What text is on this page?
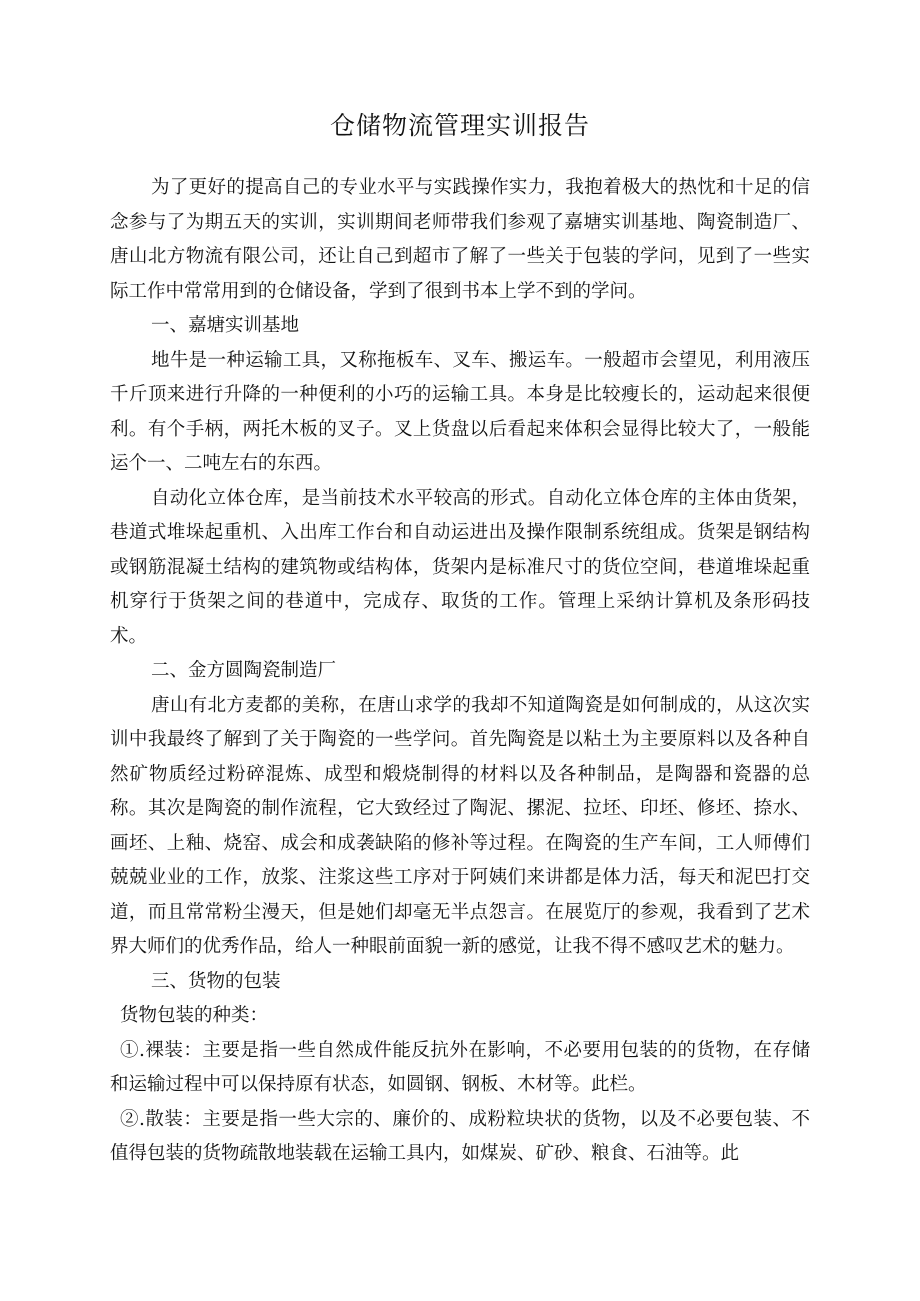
仓储物流管理实训报告

为了更好的提高自己的专业水平与实践操作实力，我抱着极大的热忱和十足的信念参与了为期五天的实训，实训期间老师带我们参观了嘉塘实训基地、陶瓷制造厂、唐山北方物流有限公司，还让自己到超市了解了一些关于包装的学问，见到了一些实际工作中常常用到的仓储设备，学到了很到书本上学不到的学问。

一、嘉塘实训基地

地牛是一种运输工具，又称拖板车、叉车、搬运车。一般超市会望见，利用液压千斤顶来进行升降的一种便利的小巧的运输工具。本身是比较瘦长的，运动起来很便利。有个手柄，两托木板的叉子。叉上货盘以后看起来体积会显得比较大了，一般能运个一、二吨左右的东西。

自动化立体仓库，是当前技术水平较高的形式。自动化立体仓库的主体由货架，巷道式堆垛起重机、入出库工作台和自动运进出及操作限制系统组成。货架是钢结构或钢筋混凝土结构的建筑物或结构体，货架内是标准尺寸的货位空间，巷道堆垛起重机穿行于货架之间的巷道中，完成存、取货的工作。管理上采纳计算机及条形码技术。

二、金方圆陶瓷制造厂

唐山有北方麦都的美称，在唐山求学的我却不知道陶瓷是如何制成的，从这次实训中我最终了解到了关于陶瓷的一些学问。首先陶瓷是以粘土为主要原料以及各种自然矿物质经过粉碎混炼、成型和煅烧制得的材料以及各种制品，是陶器和瓷器的总称。其次是陶瓷的制作流程，它大致经过了陶泥、摞泥、拉坯、印坯、修坯、捺水、画坯、上釉、烧窑、成会和成袭缺陷的修补等过程。在陶瓷的生产车间，工人师傅们兢兢业业的工作，放浆、注浆这些工序对于阿姨们来讲都是体力活，每天和泥巴打交道，而且常常粉尘漫天，但是她们却毫无半点怨言。在展览厅的参观，我看到了艺术界大师们的优秀作品，给人一种眼前面貌一新的感觉，让我不得不感叹艺术的魅力。

三、货物的包装

货物包装的种类：

①.裸装：主要是指一些自然成件能反抗外在影响，不必要用包装的的货物，在存储和运输过程中可以保持原有状态，如圆钢、钢板、木材等。此栏。

②.散装：主要是指一些大宗的、廉价的、成粉粒块状的货物，以及不必要包装、不值得包装的货物疏散地装载在运输工具内，如煤炭、矿砂、粮食、石油等。此
